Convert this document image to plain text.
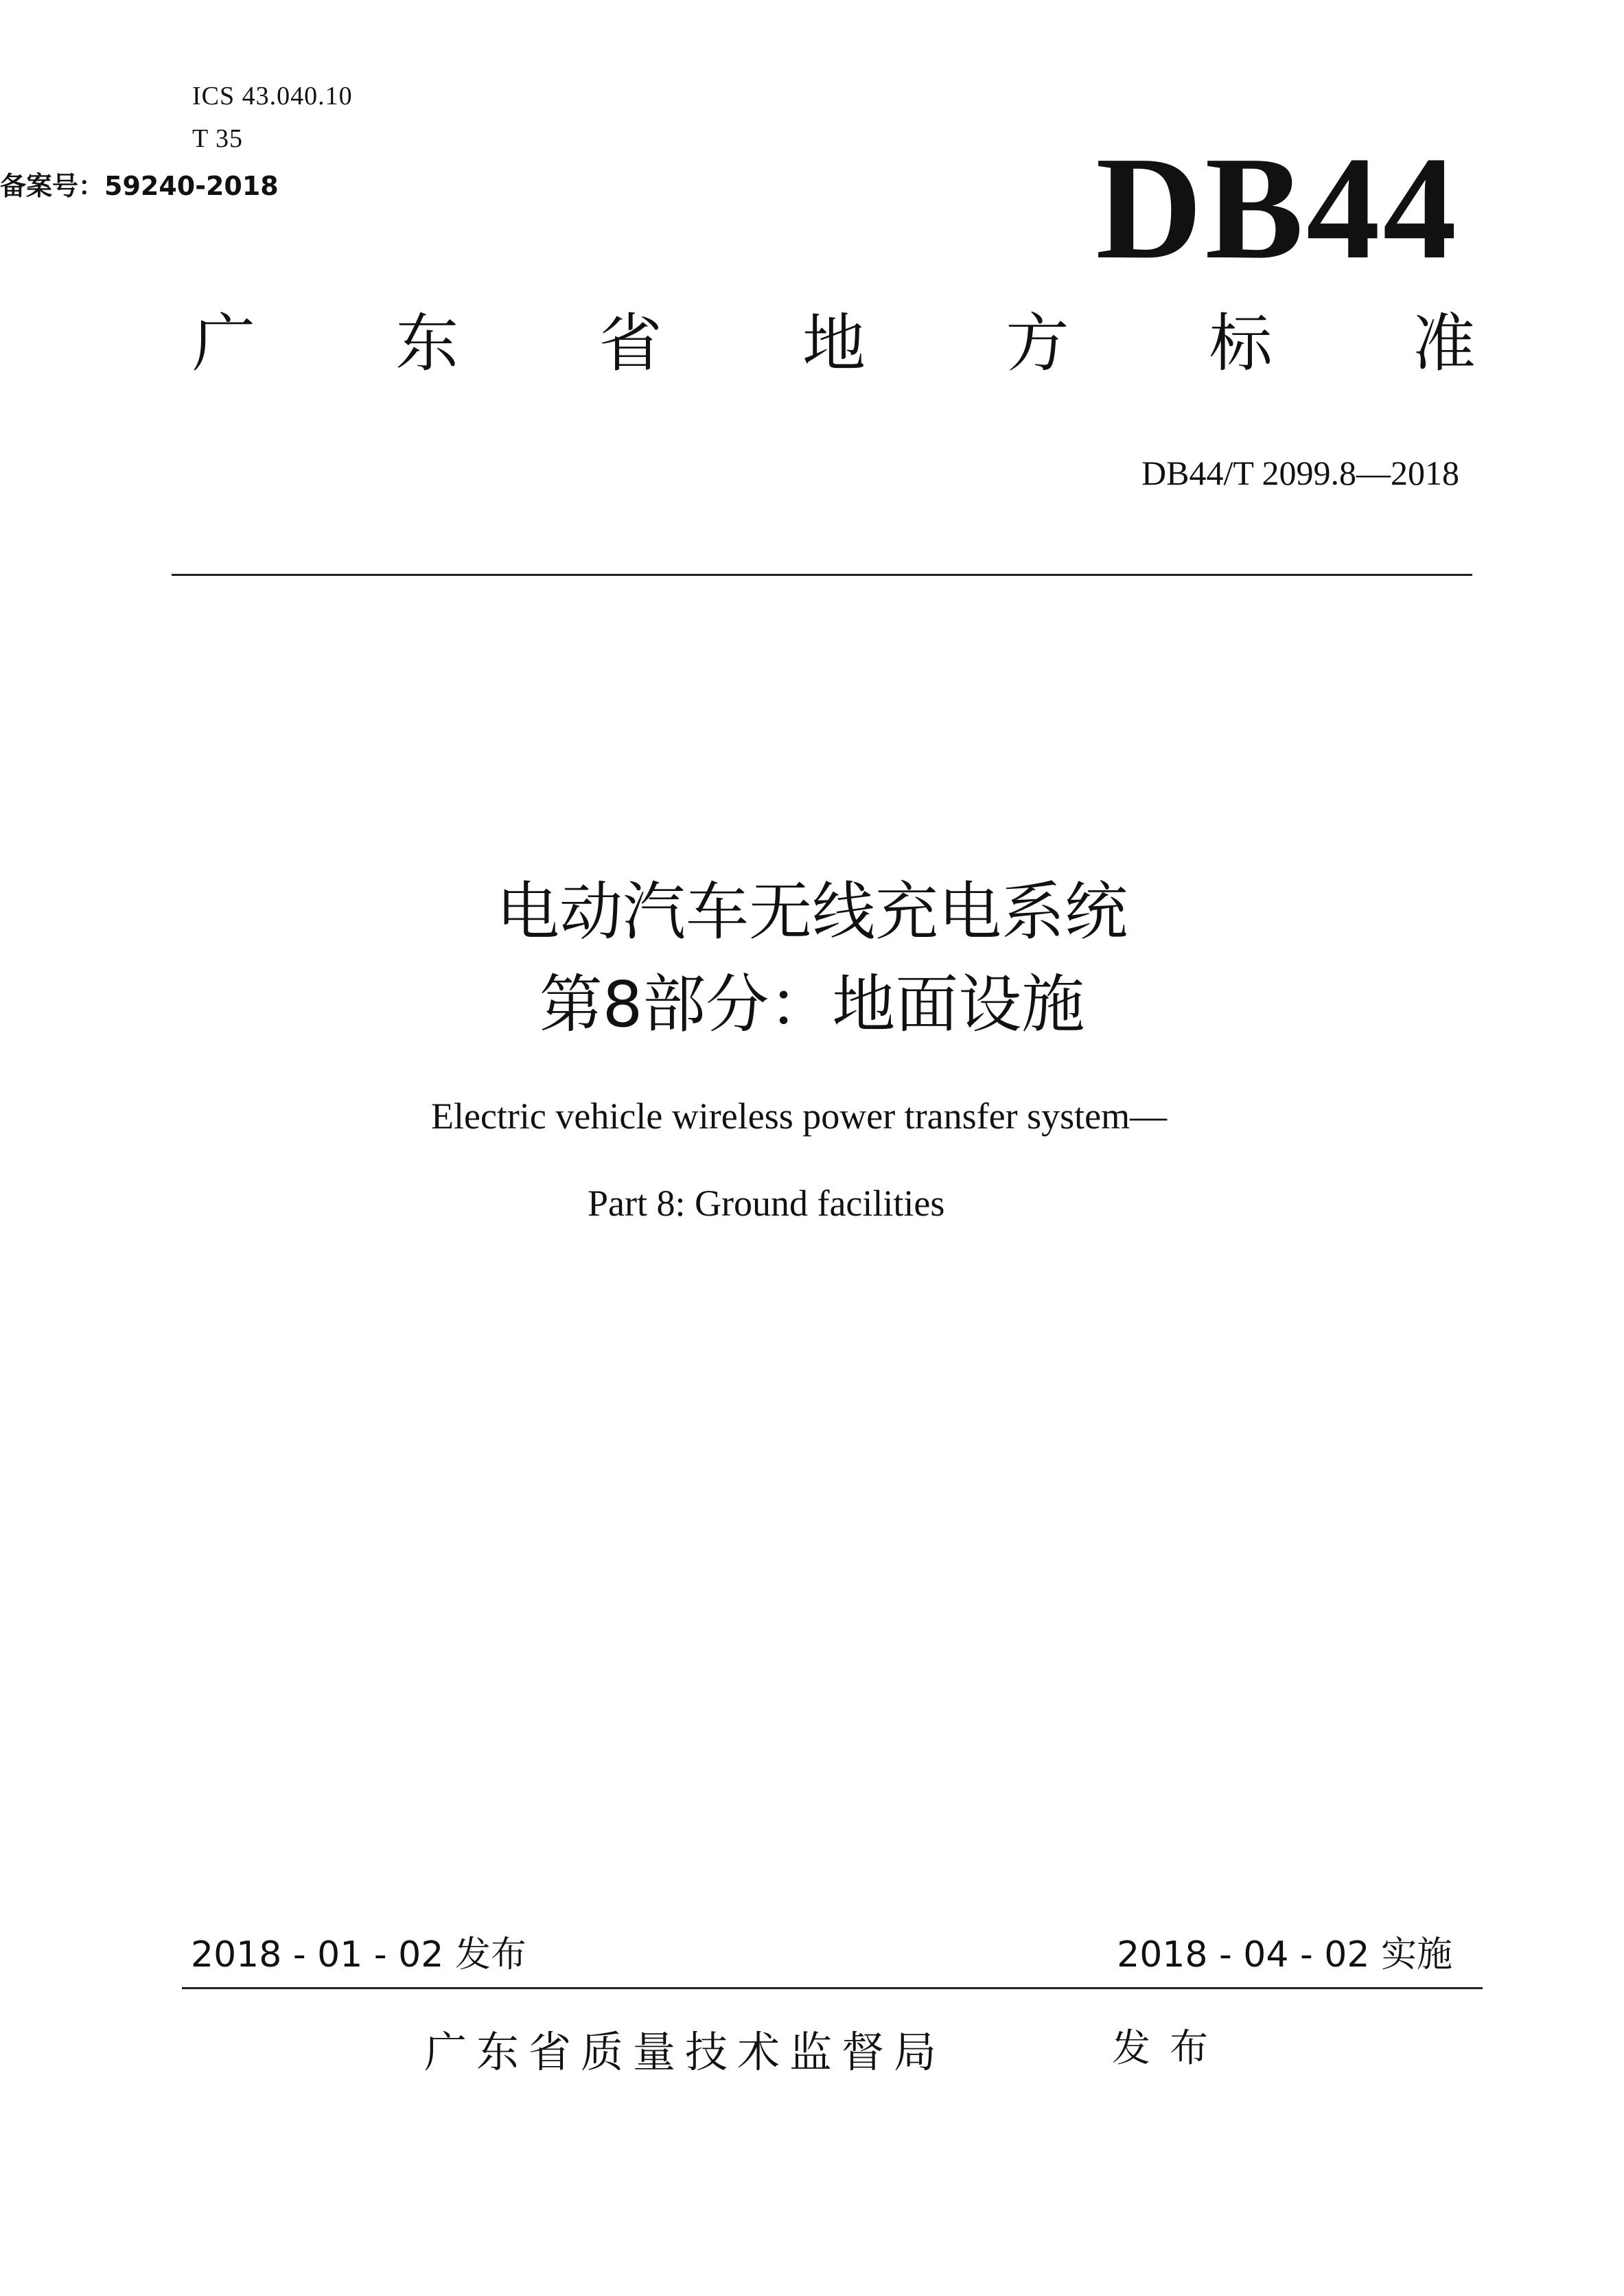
ICS 43.040.10
T 35
备案号：59240-2018	DB44
广 东 省 地 方 标 准
DB44/T 2099.8—2018
电动汽车无线充电系统
第8部分：地面设施
Electric vehicle wireless power transfer system—
Part 8: Ground facilities
2018 - 01 - 02 发布	2018 - 04 - 02 实施
广东省质量技术监督局	发布
